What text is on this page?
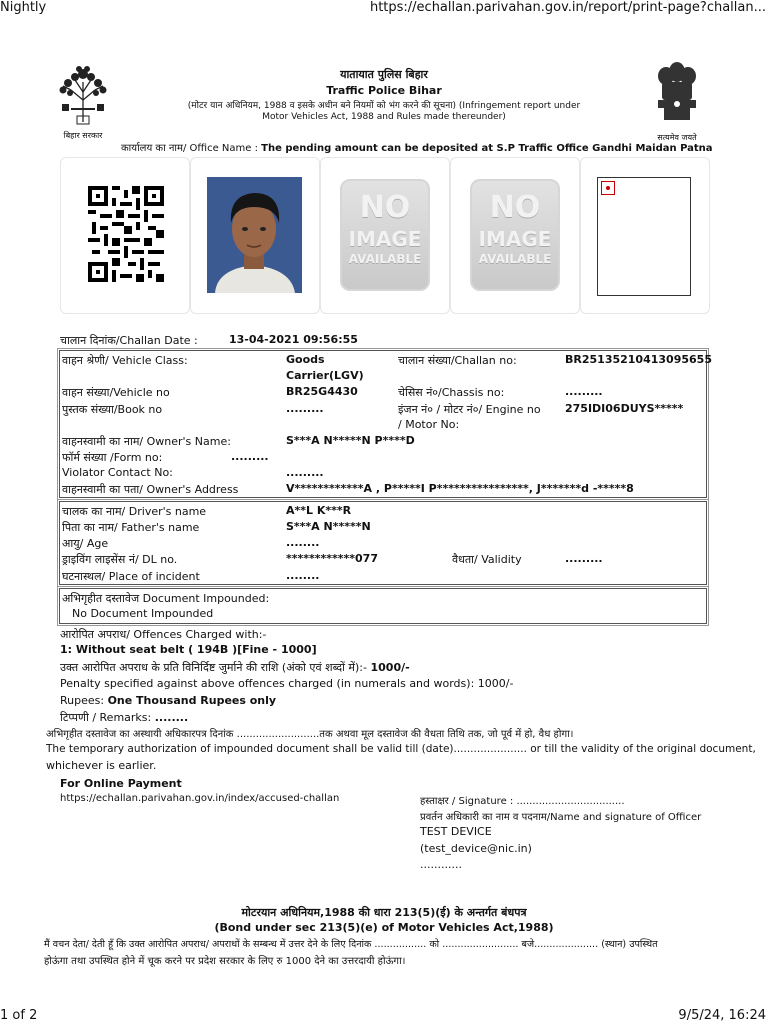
Nightly	https://echallan.parivahan.gov.in/report/print-page?challan...
1 of 2	9/5/24, 16:24
बिहार सरकार	सत्यमेव जयते
यातायात पुलिस बिहार
Traffic Police Bihar
(मोटर यान अधिनियम, 1988 व इसके अधीन बने नियमों को भंग करने की सूचना) (Infringement report under
Motor Vehicles Act, 1988 and Rules made thereunder)
कार्यालय का नाम/ Office Name : The pending amount can be deposited at S.P Traffic Office Gandhi Maidan Patna
NO
IMAGE
AVAILABLE
NO
IMAGE
AVAILABLE
चालान दिनांक/Challan Date :	13-04-2021 09:56:55
वाहन श्रेणी/ Vehicle Class:	Goods
Carrier(LGV)
चालान संख्या/Challan no:	BR25135210413095655
वाहन संख्या/Vehicle no	BR25G4430	चेसिस नं०/Chassis no:	.........
पुस्तक संख्या/Book no	.........	इंजन नं० / मोटर नं०/ Engine no
/ Motor No:
275IDI06DUYS*****
वाहनस्वामी का नाम/ Owner's Name:	S***A N*****N P****D
फॉर्म संख्या /Form no:	.........
Violator Contact No:	.........
वाहनस्वामी का पता/ Owner's Address	V************A , P*****I P****************, J*******d -*****8
चालक का नाम/ Driver's name	A**L K***R
पिता का नाम/ Father's name	S***A N*****N
आयु/ Age	........
ड्राइविंग लाइसेंस नं/ DL no.	************077	वैधता/ Validity	.........
घटनास्थल/ Place of incident	........
अभिगृहीत दस्तावेज Document Impounded:
No Document Impounded
आरोपित अपराध/ Offences Charged with:-
1: Without seat belt ( 194B )[Fine - 1000]
उक्त आरोपित अपराध के प्रति विनिर्दिष्ट जुर्माने की राशि (अंको एवं शब्दों में):- 1000/-
Penalty specified against above offences charged (in numerals and words): 1000/-
Rupees: One Thousand Rupees only
टिप्पणी / Remarks: ........
अभिगृहीत दस्तावेज का अस्थायी अधिकारपत्र दिनांक ..........................तक अथवा मूल दस्तावेज की वैधता तिथि तक, जो पूर्व में हो, वैध होगा।
The temporary authorization of impounded document shall be valid till (date)...................... or till the validity of the original document,
whichever is earlier.
For Online Payment
https://echallan.parivahan.gov.in/index/accused-challan	हस्ताक्षर / Signature : ..................................
प्रवर्तन अधिकारी का नाम व पदनाम/Name and signature of Officer
TEST DEVICE
(test_device@nic.in)
............
मोटरयान अधिनियम,1988 की धारा 213(5)(ई) के अन्तर्गत बंधपत्र
(Bond under sec 213(5)(e) of Motor Vehicles Act,1988)
मैं वचन देता/ देती हूँ कि उक्त आरोपित अपराध/ अपराधों के सम्बन्ध में उत्तर देने के लिए दिनांक ................. को ......................... बजे..................... (स्थान) उपस्थित
होऊंगा तथा उपस्थित होने में चूक करने पर प्रदेश सरकार के लिए रु 1000 देने का उत्तरदायी होऊंगा।
